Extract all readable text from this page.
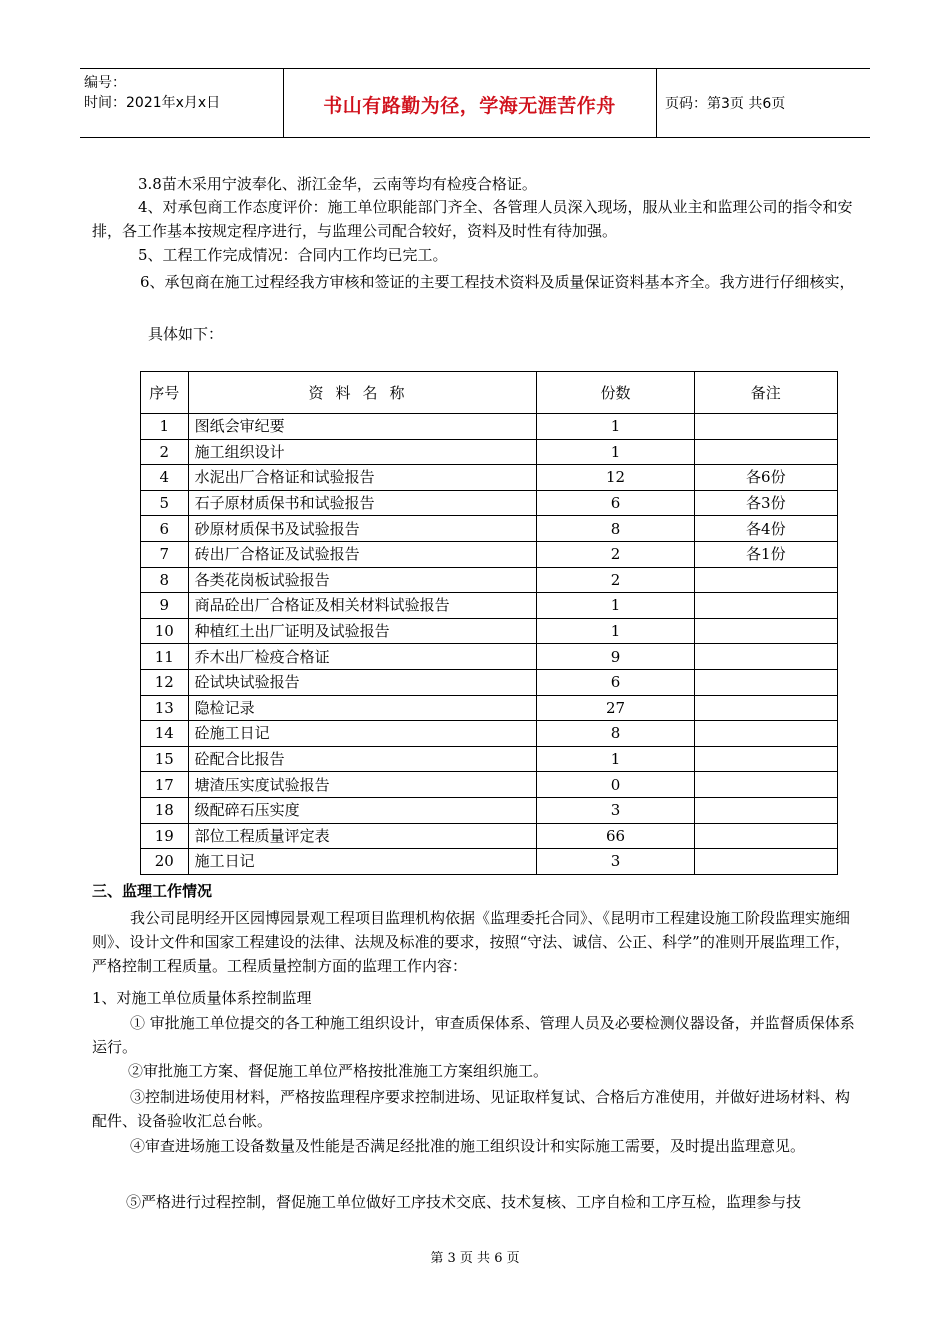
编号：
时间：2021年x月x日	书山有路勤为径，学海无涯苦作舟	页码：第3页 共6页
3.8苗木采用宁波奉化、浙江金华，云南等均有检疫合格证。
4、对承包商工作态度评价：施工单位职能部门齐全、各管理人员深入现场，服从业主和监理公司的指令和安排，各工作基本按规定程序进行，与监理公司配合较好，资料及时性有待加强。
5、工程工作完成情况：合同内工作均已完工。
6、承包商在施工过程经我方审核和签证的主要工程技术资料及质量保证资料基本齐全。我方进行仔细核实，
具体如下：
序号	资料名称	份数	备注
1	图纸会审纪要	1	
2	施工组织设计	1	
4	水泥出厂合格证和试验报告	12	各6份
5	石子原材质保书和试验报告	6	各3份
6	砂原材质保书及试验报告	8	各4份
7	砖出厂合格证及试验报告	2	各1份
8	各类花岗板试验报告	2	
9	商品砼出厂合格证及相关材料试验报告	1	
10	种植红土出厂证明及试验报告	1	
11	乔木出厂检疫合格证	9	
12	砼试块试验报告	6	
13	隐检记录	27	
14	砼施工日记	8	
15	砼配合比报告	1	
17	塘渣压实度试验报告	0	
18	级配碎石压实度	3	
19	部位工程质量评定表	66	
20	施工日记	3	
三、监理工作情况
我公司昆明经开区园博园景观工程项目监理机构依据《监理委托合同》、《昆明市工程建设施工阶段监理实施细则》、设计文件和国家工程建设的法律、法规及标准的要求，按照“守法、诚信、公正、科学”的准则开展监理工作，严格控制工程质量。工程质量控制方面的监理工作内容：
1、对施工单位质量体系控制监理
① 审批施工单位提交的各工种施工组织设计，审查质保体系、管理人员及必要检测仪器设备，并监督质保体系运行。
②审批施工方案、督促施工单位严格按批准施工方案组织施工。
③控制进场使用材料，严格按监理程序要求控制进场、见证取样复试、合格后方准使用，并做好进场材料、构配件、设备验收汇总台帐。
④审查进场施工设备数量及性能是否满足经批准的施工组织设计和实际施工需要，及时提出监理意见。
⑤严格进行过程控制，督促施工单位做好工序技术交底、技术复核、工序自检和工序互检，监理参与技
第 3 页 共 6 页
